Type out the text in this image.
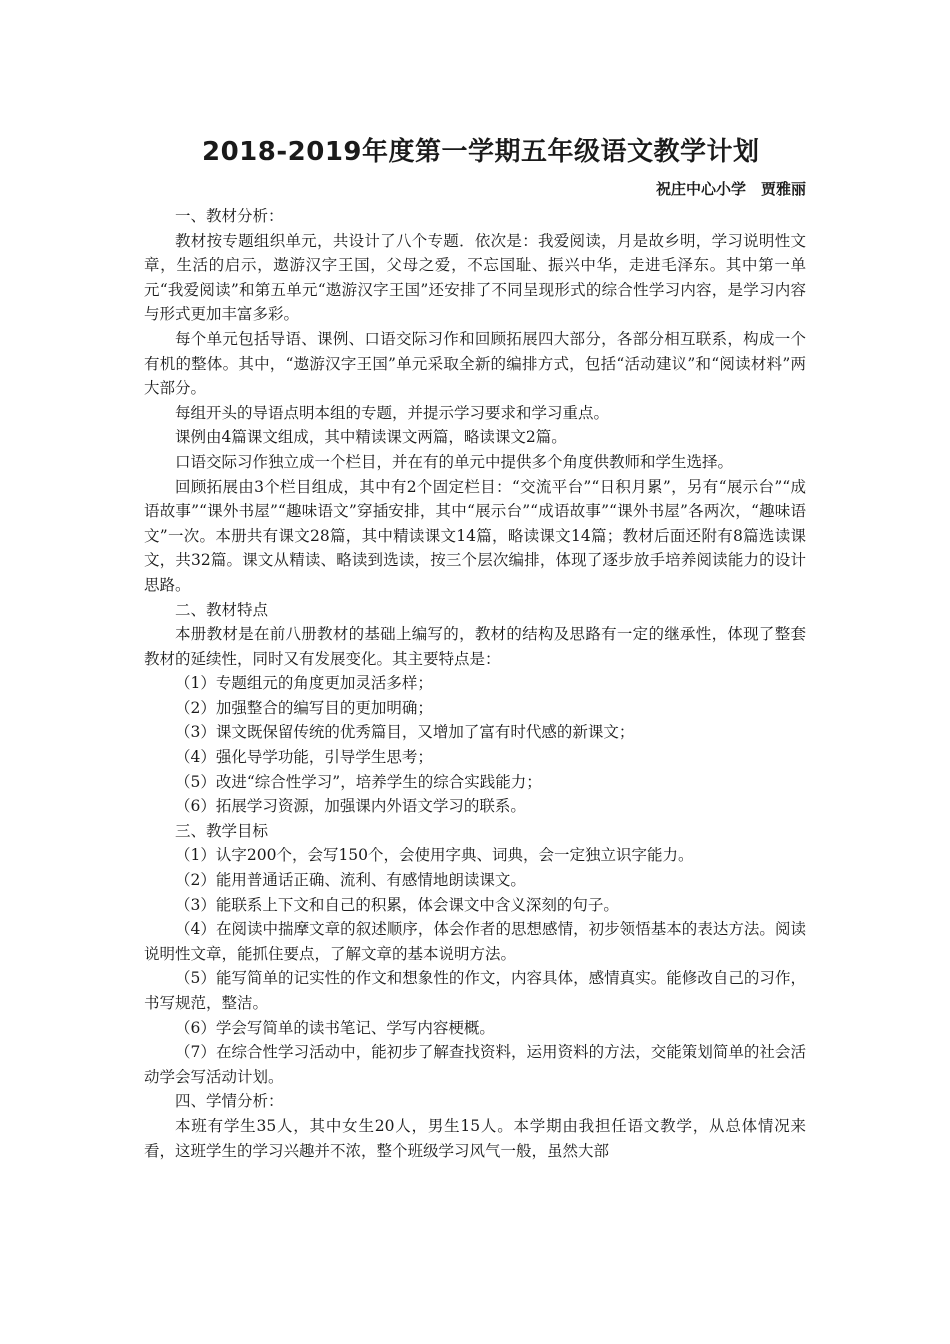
2018-2019年度第一学期五年级语文教学计划

祝庄中心小学　贾雅丽

一、教材分析：

教材按专题组织单元，共设计了八个专题．依次是：我爱阅读，月是故乡明，学习说明性文章，生活的启示，遨游汉字王国，父母之爱，不忘国耻、振兴中华，走进毛泽东。其中第一单元“我爱阅读”和第五单元“遨游汉字王国”还安排了不同呈现形式的综合性学习内容，是学习内容与形式更加丰富多彩。

每个单元包括导语、课例、口语交际习作和回顾拓展四大部分，各部分相互联系，构成一个有机的整体。其中，“遨游汉字王国”单元采取全新的编排方式，包括“活动建议”和“阅读材料”两大部分。

每组开头的导语点明本组的专题，并提示学习要求和学习重点。

课例由4篇课文组成，其中精读课文两篇，略读课文2篇。

口语交际习作独立成一个栏目，并在有的单元中提供多个角度供教师和学生选择。

回顾拓展由3个栏目组成，其中有2个固定栏目：“交流平台”“日积月累”，另有“展示台”“成语故事”“课外书屋”“趣味语文”穿插安排，其中“展示台”“成语故事”“课外书屋”各两次，“趣味语文”一次。本册共有课文28篇，其中精读课文14篇，略读课文14篇；教材后面还附有8篇选读课文，共32篇。课文从精读、略读到选读，按三个层次编排，体现了逐步放手培养阅读能力的设计思路。

二、教材特点

本册教材是在前八册教材的基础上编写的，教材的结构及思路有一定的继承性，体现了整套教材的延续性，同时又有发展变化。其主要特点是：

（1）专题组元的角度更加灵活多样；

（2）加强整合的编写目的更加明确；

（3）课文既保留传统的优秀篇目，又增加了富有时代感的新课文；

（4）强化导学功能，引导学生思考；

（5）改进“综合性学习”，培养学生的综合实践能力；

（6）拓展学习资源，加强课内外语文学习的联系。

三、教学目标

（1）认字200个，会写150个，会使用字典、词典，会一定独立识字能力。

（2）能用普通话正确、流利、有感情地朗读课文。

（3）能联系上下文和自己的积累，体会课文中含义深刻的句子。

（4）在阅读中揣摩文章的叙述顺序，体会作者的思想感情，初步领悟基本的表达方法。阅读说明性文章，能抓住要点，了解文章的基本说明方法。

（5）能写简单的记实性的作文和想象性的作文，内容具体，感情真实。能修改自己的习作，书写规范，整洁。

（6）学会写简单的读书笔记、学写内容梗概。

（7）在综合性学习活动中，能初步了解查找资料，运用资料的方法，交能策划简单的社会活动学会写活动计划。

四、学情分析：

本班有学生35人，其中女生20人，男生15人。本学期由我担任语文教学，从总体情况来看，这班学生的学习兴趣并不浓，整个班级学习风气一般，虽然大部
